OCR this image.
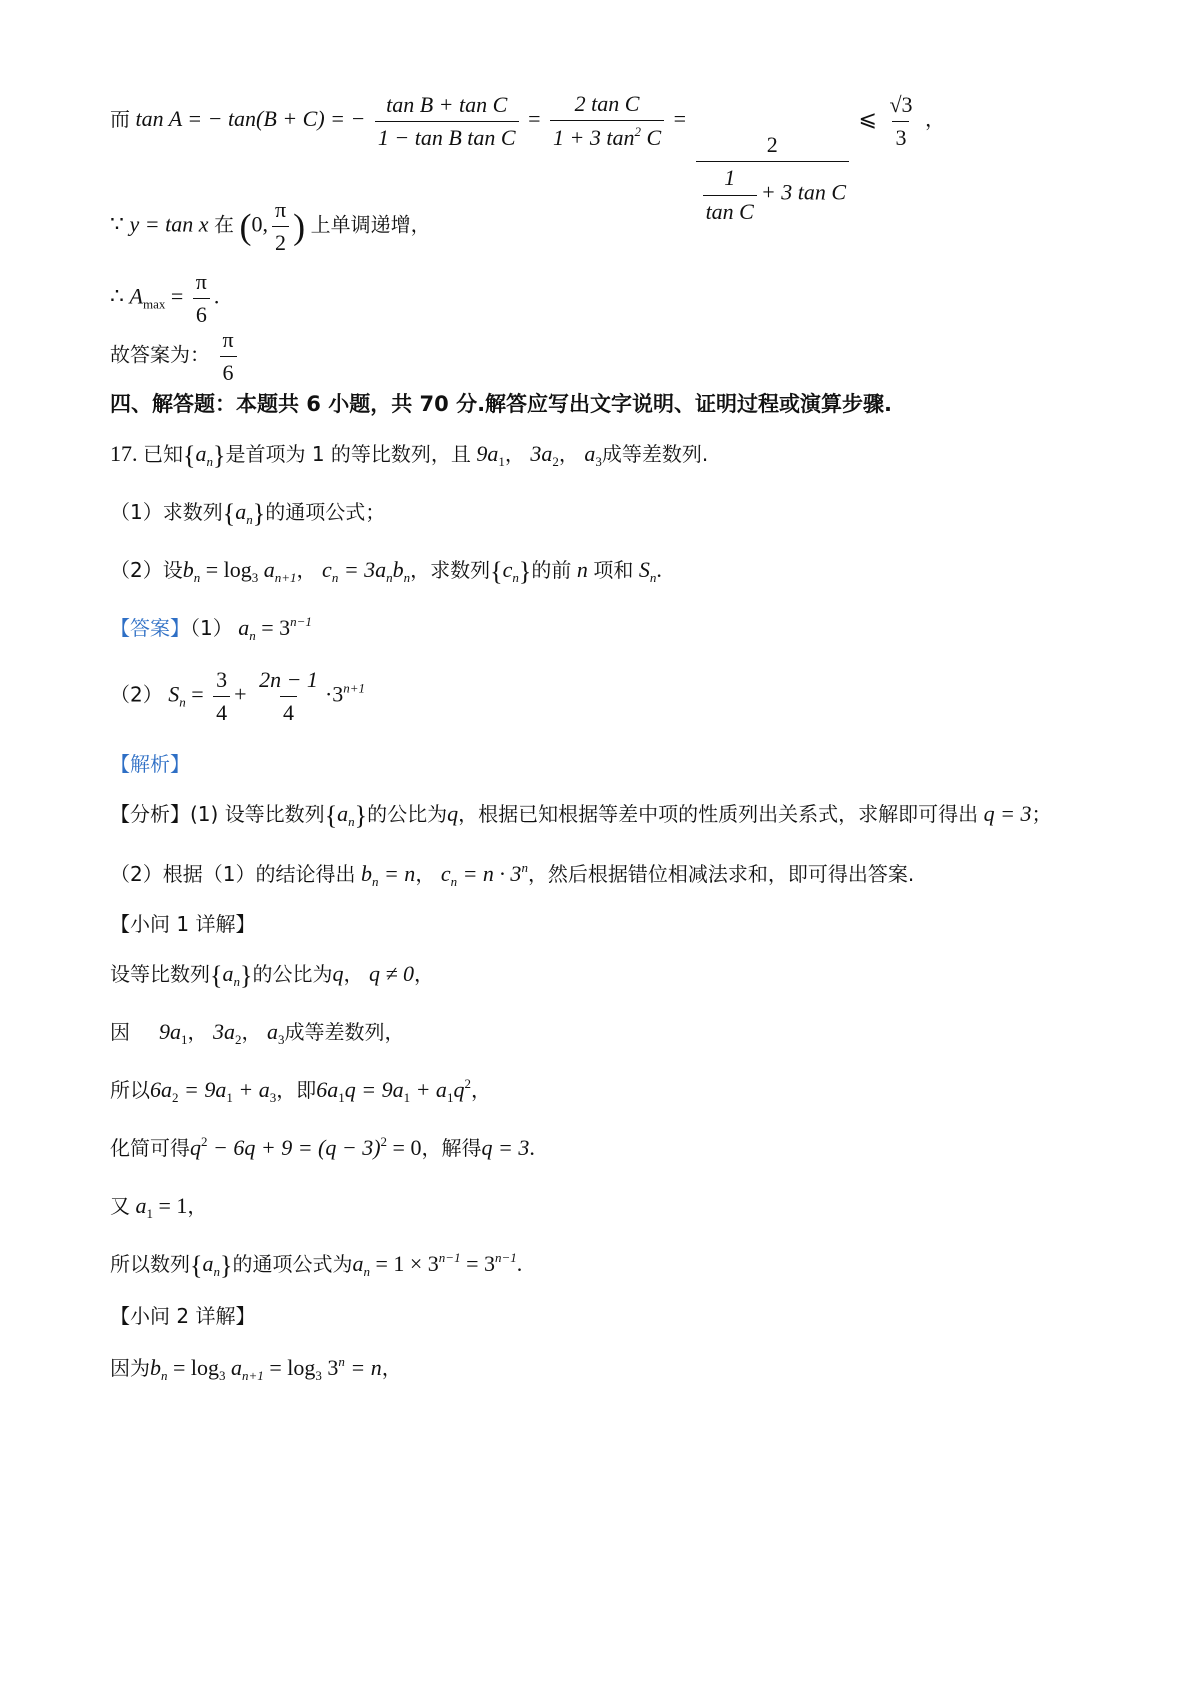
而 tan A = − tan(B + C) = − $\frac{\text{tan B + tan C}}{\text{1 − tan B tan C}} = \frac{\text{2 tan C}}{1 + 3 \tan^2 C}$ =
$\frac{2}{\frac{1}{\text{tan C}} + 3 \tan C}$
⩽ $\frac{√3}{3}$ ，
∵ y = tan x 在 (0, $\frac{\pi}{2}$ ) 上单调递增，
∴ $A_{max} = \frac{\pi}{6}$ .
故答案为： $\frac{\pi}{6}$
四、解答题：本题共 6 小题，共 70 分.解答应写出文字说明、证明过程或演算步骤.
17. 已知$\{a_n\}$是首项为 1 的等比数列，且 $9a_1$， $3a_2$， $a_3$成等差数列.
（1）求数列$\{a_n\}$的通项公式；
（2）设$b_n = \log_3 a_{n+1}$， $c_n = 3a_nb_n$，求数列$\{c_n\}$的前 n 项和 $S_n$.
【答案】（1） $a_n = 3^{n-1}$
（2） $S_n = \frac{3}{4} + \frac{2n - 1}{4} \cdot 3^{n+1}$
【解析】
【分析】(1) 设等比数列$\{a_n\}$的公比为q，根据已知根据等差中项的性质列出关系式，求解即可得出 q = 3；
（2）根据（1）的结论得出 $b_n = n$， $c_n = n \cdot 3^n$，然后根据错位相减法求和，即可得出答案.
【小问 1 详解】
设等比数列$\{a_n\}$的公比为q， q ≠ 0，
因 $9a_1$， $3a_2$， $a_3$成等差数列，
所以$6a_2 = 9a_1 + a_3$，即$6a_1q = 9a_1 + a_1q^2$，
化简可得$q^2 - 6q + 9 = (q - 3)^2 = 0$，解得q = 3.
又 $a_1 = 1$，
所以数列$\{a_n\}$的通项公式为$a_n = 1 \times 3^{n-1} = 3^{n-1}$.
【小问 2 详解】
因为$b_n = \log_3 a_{n+1} = \log_3 3^n = n$，
